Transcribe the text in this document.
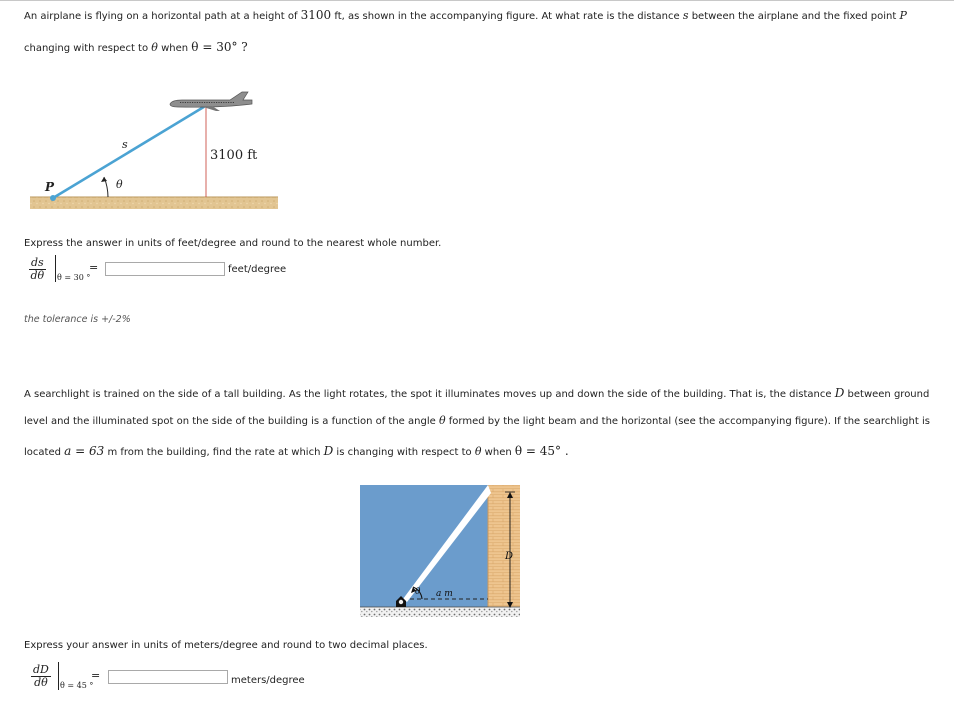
An airplane is flying on a horizontal path at a height of 3100 ft, as shown in the accompanying figure. At what rate is the distance s between the airplane and the fixed point P
changing with respect to θ when θ = 30° ?
P
s
θ
3100 ft
Express the answer in units of feet/degree and round to the nearest whole number.
$\frac{ds}{d\theta}$ θ = 30 °
=	feet/degree
the tolerance is +/-2%
A searchlight is trained on the side of a tall building. As the light rotates, the spot it illuminates moves up and down the side of the building. That is, the distance D between ground
level and the illuminated spot on the side of the building is a function of the angle θ formed by the light beam and the horizontal (see the accompanying figure). If the searchlight is
located a = 63 m from the building, find the rate at which D is changing with respect to θ when θ = 45° .
θ a m
D
Express your answer in units of meters/degree and round to two decimal places.
$\frac{dD}{d\theta}$ θ = 45 °
=	meters/degree
